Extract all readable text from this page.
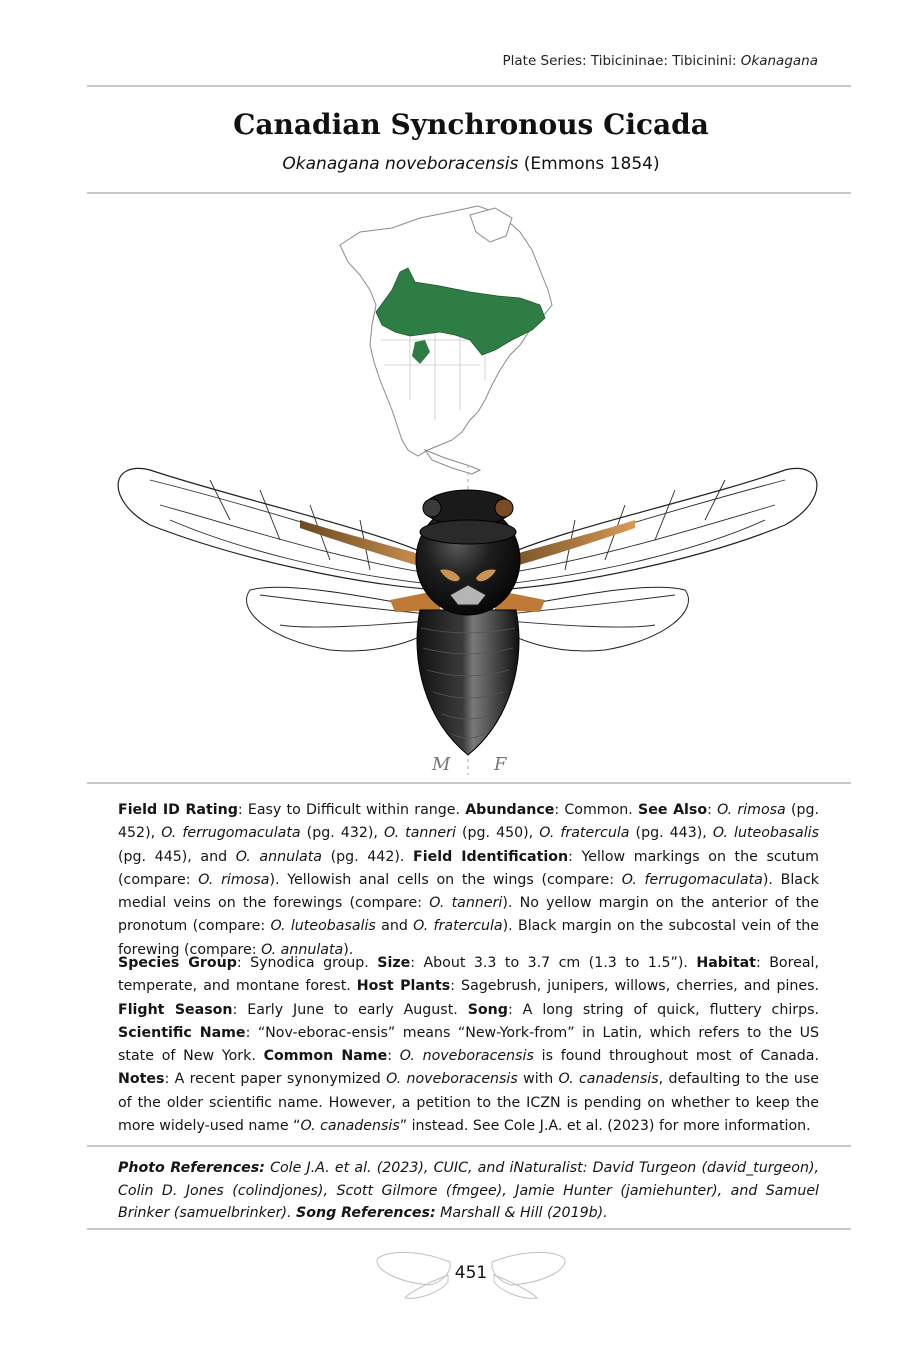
Plate Series: Tibicininae: Tibicinini: Okanagana
Canadian Synchronous Cicada
Okanagana noveboracensis (Emmons 1854)
M F
Field ID Rating: Easy to Difficult within range. Abundance: Common. See Also: O. rimosa (pg. 452), O. ferrugomaculata (pg. 432), O. tanneri (pg. 450), O. fratercula (pg. 443), O. luteobasalis (pg. 445), and O. annulata (pg. 442). Field Identification: Yellow markings on the scutum (compare: O. rimosa). Yellowish anal cells on the wings (compare: O. ferrugomaculata). Black medial veins on the forewings (compare: O. tanneri). No yellow margin on the anterior of the pronotum (compare: O. luteobasalis and O. fratercula). Black margin on the subcostal vein of the forewing (compare: O. annulata).
Species Group: Synodica group. Size: About 3.3 to 3.7 cm (1.3 to 1.5”). Habitat: Boreal, temperate, and montane forest. Host Plants: Sagebrush, junipers, willows, cherries, and pines. Flight Season: Early June to early August. Song: A long string of quick, fluttery chirps. Scientific Name: “Nov-eborac-ensis” means “New-York-from” in Latin, which refers to the US state of New York. Common Name: O. noveboracensis is found throughout most of Canada. Notes: A recent paper synonymized O. noveboracensis with O. canadensis, defaulting to the use of the older scientific name. However, a petition to the ICZN is pending on whether to keep the more widely-used name “O. canadensis” instead. See Cole J.A. et al. (2023) for more information.
Photo References: Cole J.A. et al. (2023), CUIC, and iNaturalist: David Turgeon (david_turgeon), Colin D. Jones (colindjones), Scott Gilmore (fmgee), Jamie Hunter (jamiehunter), and Samuel Brinker (samuelbrinker). Song References: Marshall & Hill (2019b).
451
